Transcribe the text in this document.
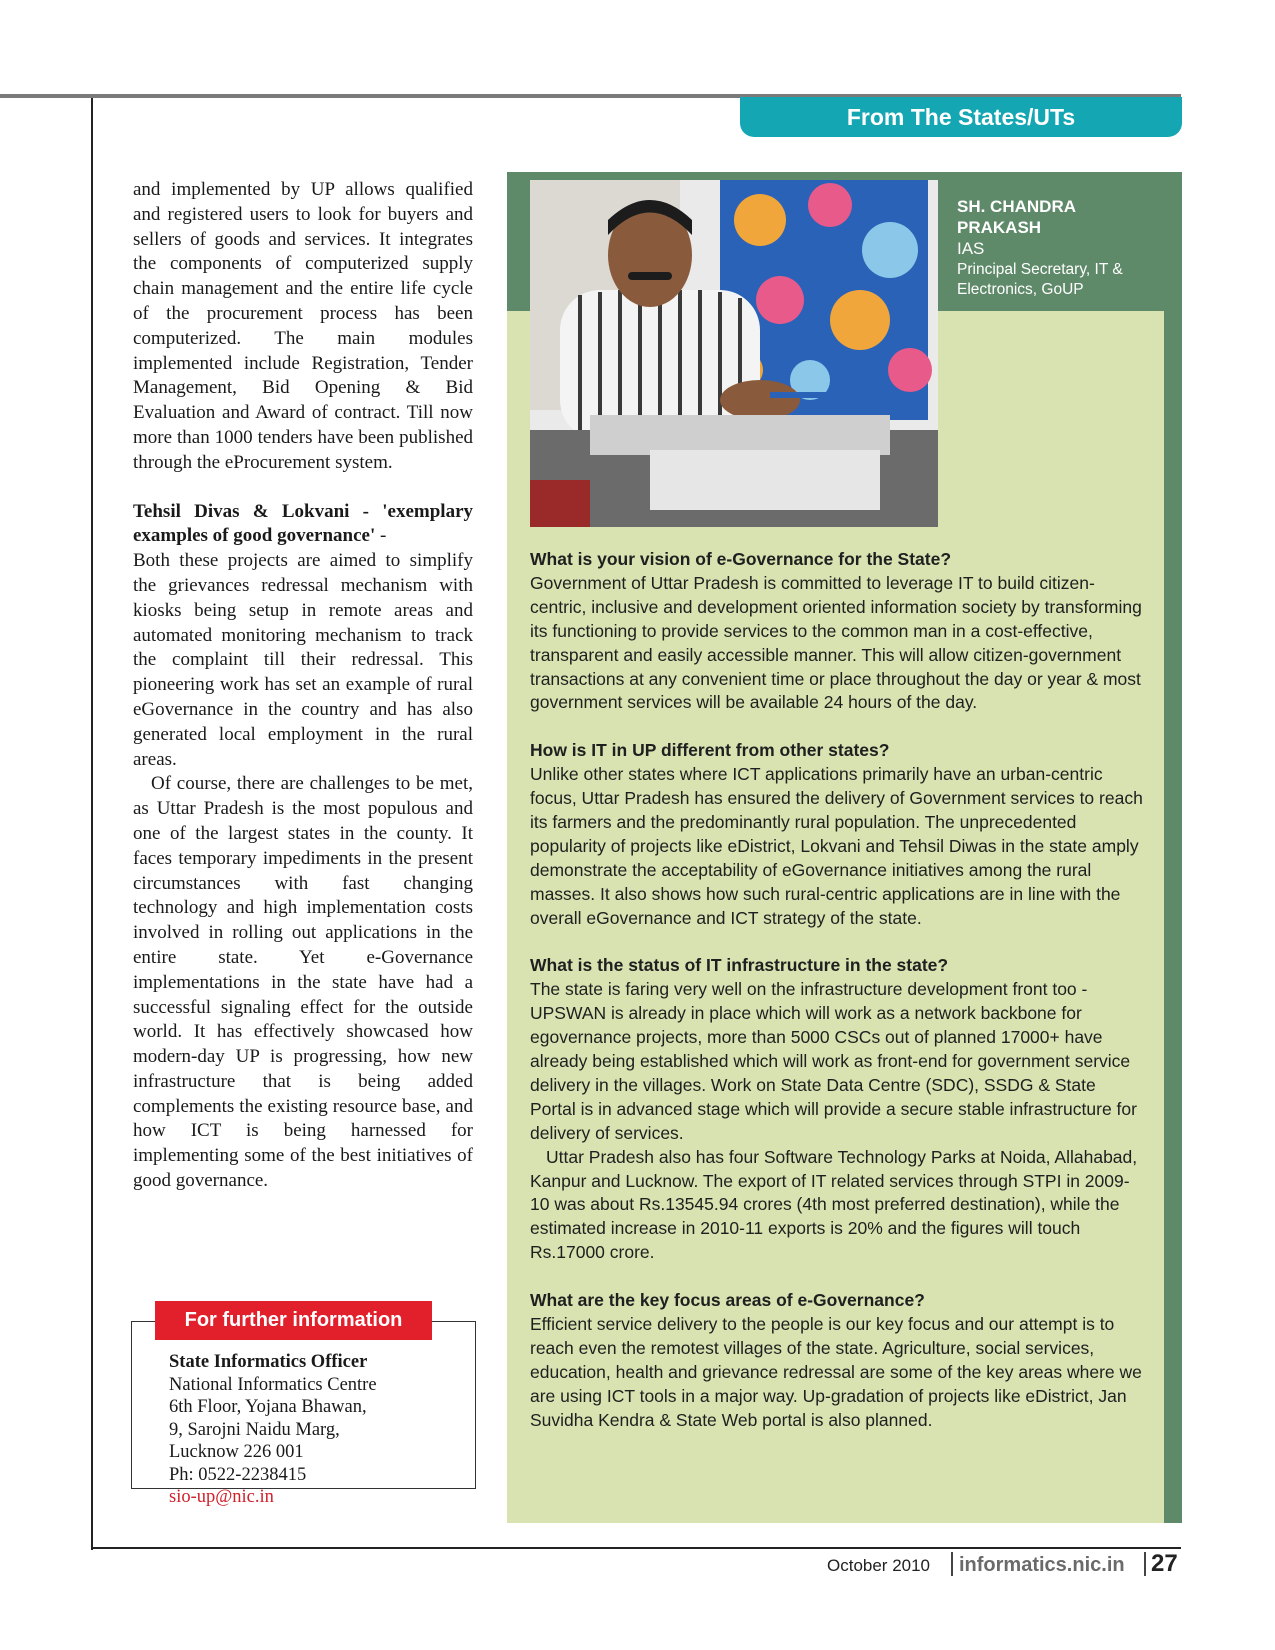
From The States/UTs

and implemented by UP allows qualified and registered users to look for buyers and sellers of goods and services. It integrates the components of computerized supply chain management and the entire life cycle of the procurement process has been computerized. The main modules implemented include Registration, Tender Management, Bid Opening & Bid Evaluation and Award of contract. Till now more than 1000 tenders have been published through the eProcurement system.

Tehsil Divas & Lokvani - 'exemplary examples of good governance' -

Both these projects are aimed to simplify the grievances redressal mechanism with kiosks being setup in remote areas and automated monitoring mechanism to track the complaint till their redressal. This pioneering work has set an example of rural eGovernance in the country and has also generated local employment in the rural areas.

Of course, there are challenges to be met, as Uttar Pradesh is the most populous and one of the largest states in the county. It faces temporary impediments in the present circumstances with fast changing technology and high implementation costs involved in rolling out applications in the entire state. Yet e-Governance implementations in the state have had a successful signaling effect for the outside world. It has effectively showcased how modern-day UP is progressing, how new infrastructure that is being added complements the existing resource base, and how ICT is being harnessed for implementing some of the best initiatives of good governance.

For further information
State Informatics Officer
National Informatics Centre
6th Floor, Yojana Bhawan,
9, Sarojni Naidu Marg,
Lucknow 226 001
Ph: 0522-2238415
sio-up@nic.in
SH. CHANDRA
PRAKASH
IAS
Principal Secretary, IT & Electronics, GoUP

What is your vision of e-Governance for the State?

Government of Uttar Pradesh is committed to leverage IT to build citizen-centric, inclusive and development oriented information society by transforming its functioning to provide services to the common man in a cost-effective, transparent and easily accessible manner. This will allow citizen-government transactions at any convenient time or place throughout the day or year & most government services will be available 24 hours of the day.

How is IT in UP different from other states?

Unlike other states where ICT applications primarily have an urban-centric focus, Uttar Pradesh has ensured the delivery of Government services to reach its farmers and the predominantly rural population. The unprecedented popularity of projects like eDistrict, Lokvani and Tehsil Diwas in the state amply demonstrate the acceptability of eGovernance initiatives among the rural masses. It also shows how such rural-centric applications are in line with the overall eGovernance and ICT strategy of the state.

What is the status of IT infrastructure in the state?

The state is faring very well on the infrastructure development front too - UPSWAN is already in place which will work as a network backbone for egovernance projects, more than 5000 CSCs out of planned 17000+ have already being established which will work as front-end for government service delivery in the villages. Work on State Data Centre (SDC), SSDG & State Portal is in advanced stage which will provide a secure stable infrastructure for delivery of services.

Uttar Pradesh also has four Software Technology Parks at Noida, Allahabad, Kanpur and Lucknow. The export of IT related services through STPI in 2009-10 was about Rs.13545.94 crores (4th most preferred destination), while the estimated increase in 2010-11 exports is 20% and the figures will touch Rs.17000 crore.

What are the key focus areas of e-Governance?

Efficient service delivery to the people is our key focus and our attempt is to reach even the remotest villages of the state. Agriculture, social services, education, health and grievance redressal are some of the key areas where we are using ICT tools in a major way. Up-gradation of projects like eDistrict, Jan Suvidha Kendra & State Web portal is also planned.

October 2010 informatics.nic.in 27
